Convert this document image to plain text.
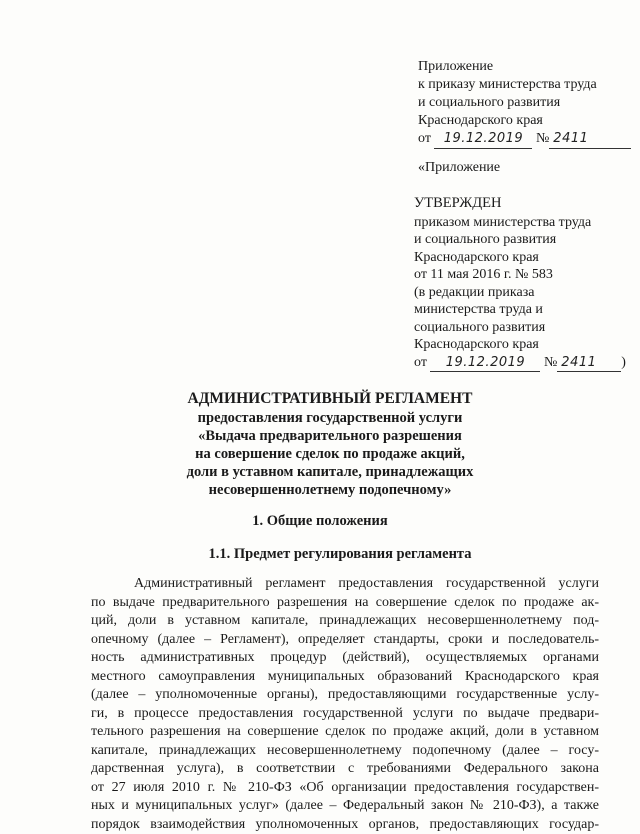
Приложение
к приказу министерства труда
и социального развития
Краснодарского края
от 19.12.2019 № 2411
«Приложение
УТВЕРЖДЕН
приказом министерства труда
и социального развития
Краснодарского края
от 11 мая 2016 г. № 583
(в редакции приказа
министерства труда и
социального развития
Краснодарского края
от 19.12.2019 № 2411 )
АДМИНИСТРАТИВНЫЙ РЕГЛАМЕНТ
предоставления государственной услуги
«Выдача предварительного разрешения
на совершение сделок по продаже акций,
доли в уставном капитале, принадлежащих
несовершеннолетнему подопечному»
1. Общие положения
1.1. Предмет регулирования регламента
Административный регламент предоставления государственной услуги
по выдаче предварительного разрешения на совершение сделок по продаже ак-
ций, доли в уставном капитале, принадлежащих несовершеннолетнему под-
опечному (далее – Регламент), определяет стандарты, сроки и последователь-
ность административных процедур (действий), осуществляемых органами
местного самоуправления муниципальных образований Краснодарского края
(далее – уполномоченные органы), предоставляющими государственные услу-
ги, в процессе предоставления государственной услуги по выдаче предвари-
тельного разрешения на совершение сделок по продаже акций, доли в уставном
капитале, принадлежащих несовершеннолетнему подопечному (далее – госу-
дарственная услуга), в соответствии с требованиями Федерального закона
от 27 июля 2010 г. № 210-ФЗ «Об организации предоставления государствен-
ных и муниципальных услуг» (далее – Федеральный закон № 210-ФЗ), а также
порядок взаимодействия уполномоченных органов, предоставляющих государ-
